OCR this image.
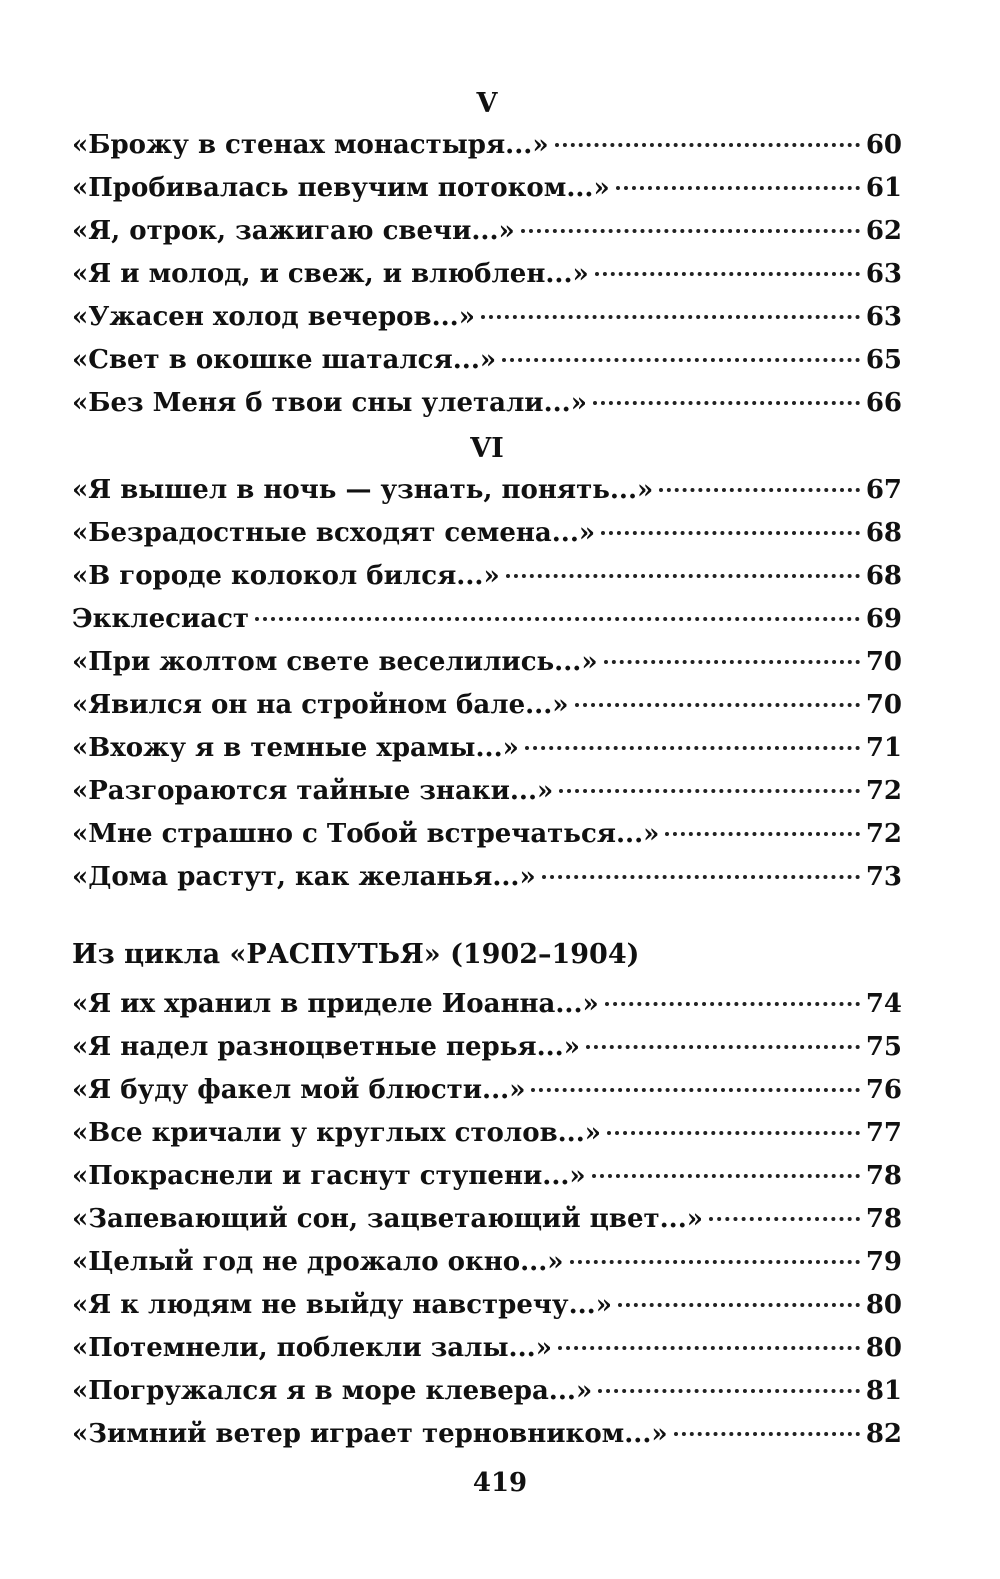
V
«Брожу в стенах монастыря...»	60
«Пробивалась певучим потоком...»	61
«Я, отрок, зажигаю свечи...»	62
«Я и молод, и свеж, и влюблен...»	63
«Ужасен холод вечеров...»	63
«Свет в окошке шатался...»	65
«Без Меня б твои сны улетали...»	66
VI
«Я вышел в ночь — узнать, понять...»	67
«Безрадостные всходят семена...»	68
«В городе колокол бился...»	68
Экклесиаст	69
«При жолтом свете веселились...»	70
«Явился он на стройном бале...»	70
«Вхожу я в темные храмы...»	71
«Разгораются тайные знаки...»	72
«Мне страшно с Тобой встречаться...»	72
«Дома растут, как желанья...»	73
Из цикла «РАСПУТЬЯ» (1902–1904)
«Я их хранил в приделе Иоанна...»	74
«Я надел разноцветные перья...»	75
«Я буду факел мой блюсти...»	76
«Все кричали у круглых столов...»	77
«Покраснели и гаснут ступени...»	78
«Запевающий сон, зацветающий цвет...»	78
«Целый год не дрожало окно...»	79
«Я к людям не выйду навстречу...»	80
«Потемнели, поблекли залы...»	80
«Погружался я в море клевера...»	81
«Зимний ветер играет терновником...»	82
419
